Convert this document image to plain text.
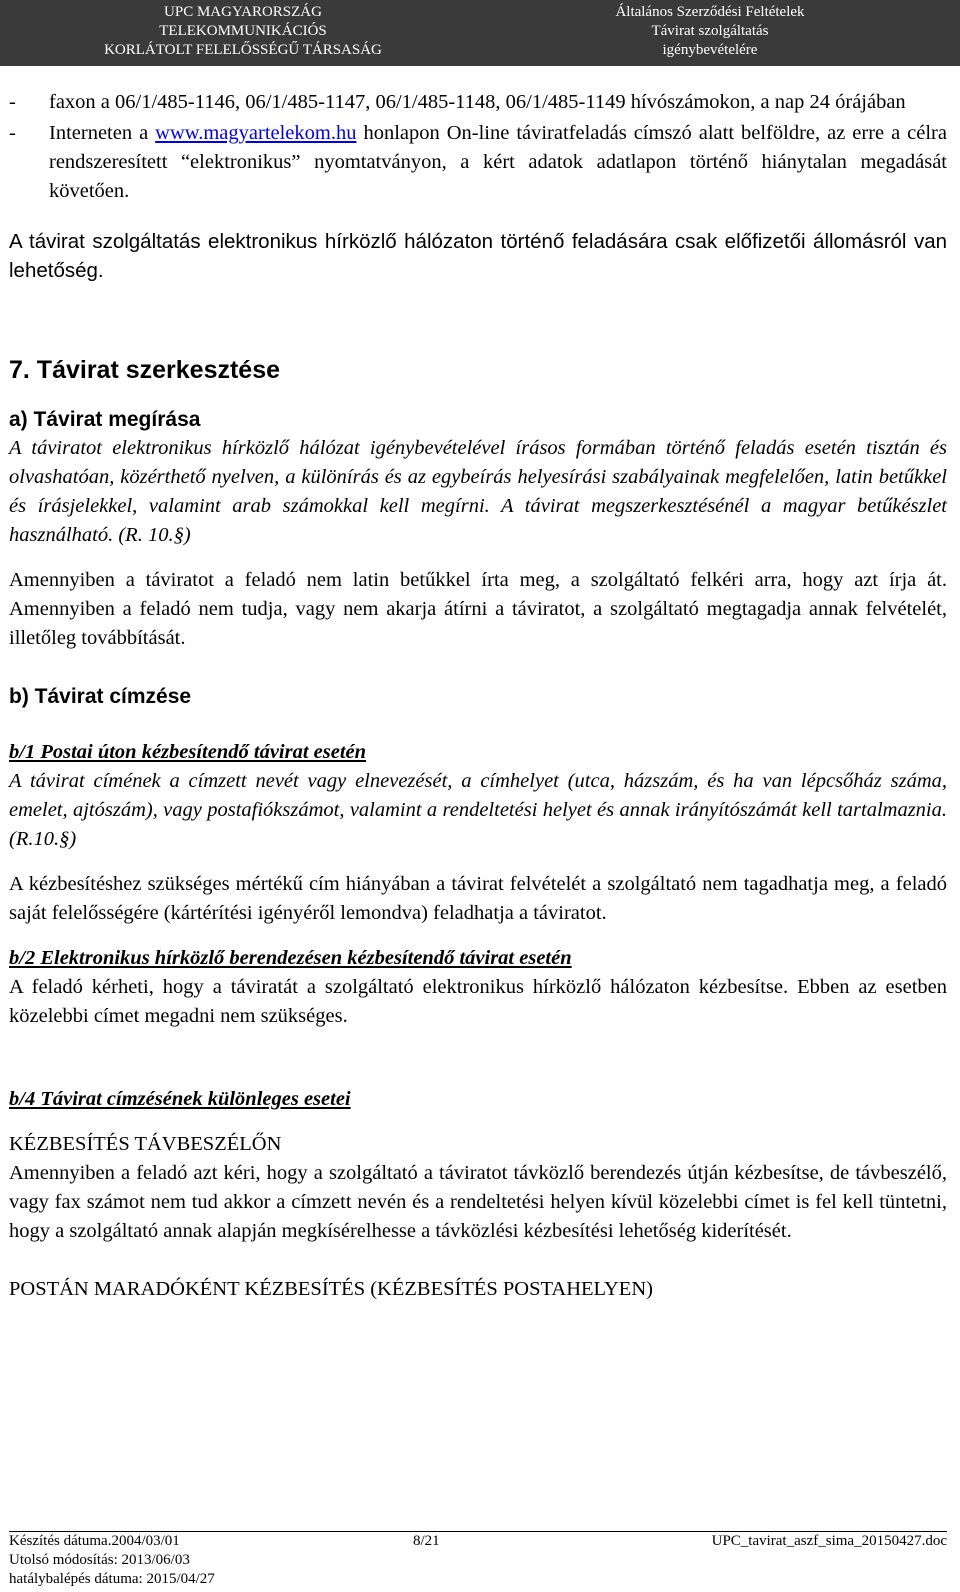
UPC MAGYARORSZÁG
TELEKOMMUNIKÁCIÓS
KORLÁTOLT FELELŐSSÉGŰ TÁRSASÁG
Általános Szerződési Feltételek
Távirat szolgáltatás
igénybevételére
-	faxon a 06/1/485-1146, 06/1/485-1147, 06/1/485-1148, 06/1/485-1149 hívószámokon, a nap 24 órájában
-	Interneten a www.magyartelekom.hu honlapon On-line táviratfeladás címszó alatt belföldre, az erre a célra rendszeresített “elektronikus” nyomtatványon, a kért adatok adatlapon történő hiánytalan megadását követően.

A távirat szolgáltatás elektronikus hírközlő hálózaton történő feladására csak előfizetői állomásról van lehetőség.

7. Távirat szerkesztése
a) Távirat megírása

A táviratot elektronikus hírközlő hálózat igénybevételével írásos formában történő feladás esetén tisztán és olvashatóan, közérthető nyelven, a különírás és az egybeírás helyesírási szabályainak megfelelően, latin betűkkel és írásjelekkel, valamint arab számokkal kell megírni. A távirat megszerkesztésénél a magyar betűkészlet használható. (R. 10.§)

Amennyiben a táviratot a feladó nem latin betűkkel írta meg, a szolgáltató felkéri arra, hogy azt írja át. Amennyiben a feladó nem tudja, vagy nem akarja átírni a táviratot, a szolgáltató megtagadja annak felvételét, illetőleg továbbítását.

b) Távirat címzése
b/1 Postai úton kézbesítendő távirat esetén

A távirat címének a címzett nevét vagy elnevezését, a címhelyet (utca, házszám, és ha van lépcsőház száma, emelet, ajtószám), vagy postafiókszámot, valamint a rendeltetési helyet és annak irányítószámát kell tartalmaznia. (R.10.§)

A kézbesítéshez szükséges mértékű cím hiányában a távirat felvételét a szolgáltató nem tagadhatja meg, a feladó saját felelősségére (kártérítési igényéről lemondva) feladhatja a táviratot.

b/2 Elektronikus hírközlő berendezésen kézbesítendő távirat esetén

A feladó kérheti, hogy a táviratát a szolgáltató elektronikus hírközlő hálózaton kézbesítse. Ebben az esetben közelebbi címet megadni nem szükséges.

b/4 Távirat címzésének különleges esetei
KÉZBESÍTÉS TÁVBESZÉLŐN

Amennyiben a feladó azt kéri, hogy a szolgáltató a táviratot távközlő berendezés útján kézbesítse, de távbeszélő, vagy fax számot nem tud akkor a címzett nevén és a rendeltetési helyen kívül közelebbi címet is fel kell tüntetni, hogy a szolgáltató annak alapján megkísérelhesse a távközlési kézbesítési lehetőség kiderítését.

POSTÁN MARADÓKÉNT KÉZBESÍTÉS (KÉZBESÍTÉS POSTAHELYEN)
Készítés dátuma.2004/03/01	8/21	UPC_tavirat_aszf_sima_20150427.doc
Utolsó módosítás: 2013/06/03
hatálybalépés dátuma: 2015/04/27
